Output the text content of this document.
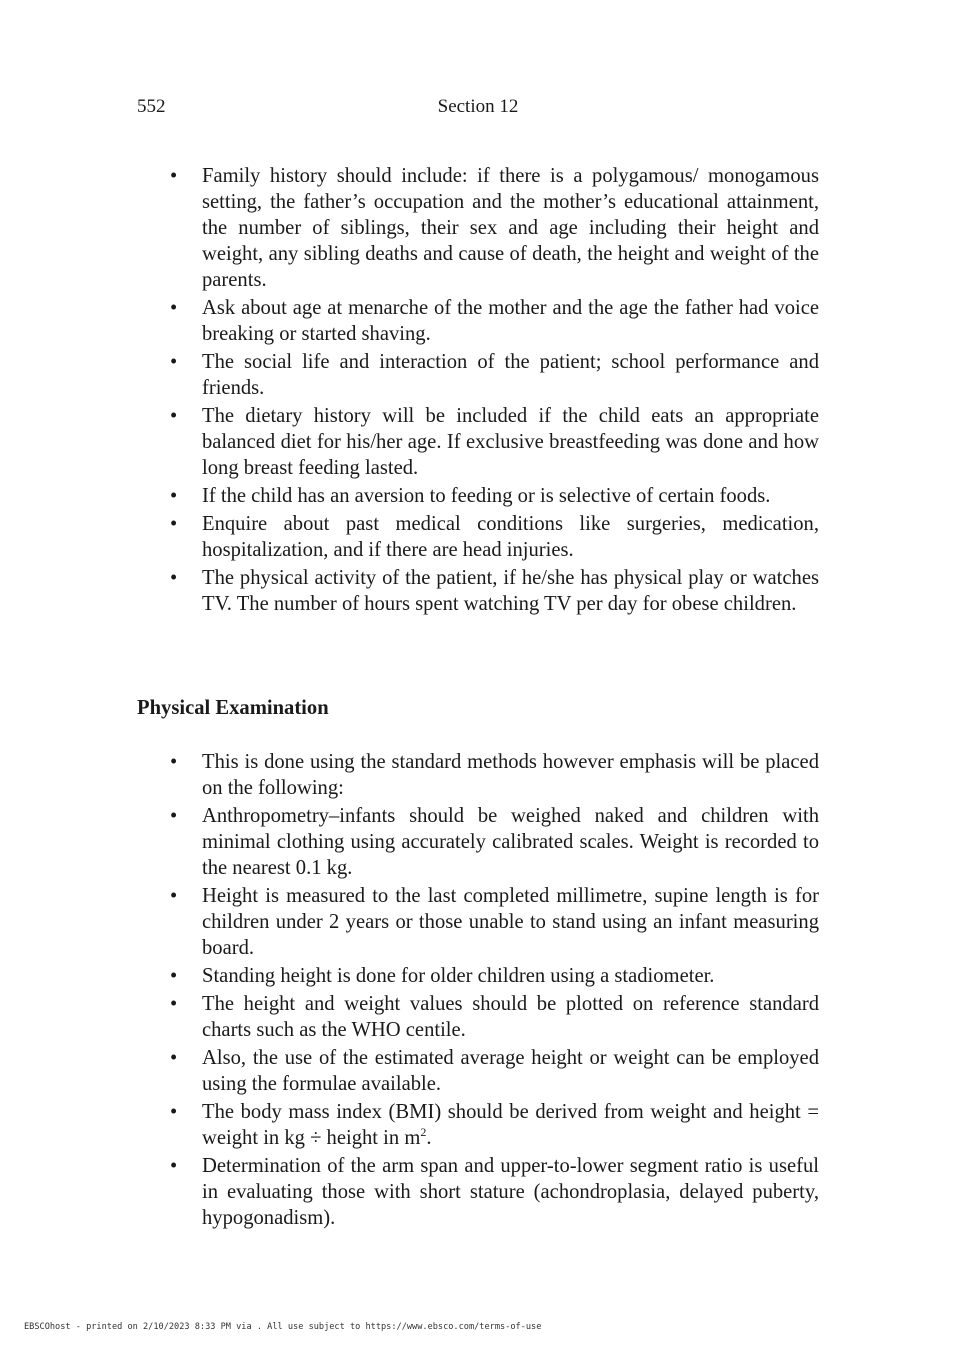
552	Section 12
• Family history should include: if there is a polygamous/ monogamous setting, the father’s occupation and the mother’s educational attainment, the number of siblings, their sex and age including their height and weight, any sibling deaths and cause of death, the height and weight of the parents.
• Ask about age at menarche of the mother and the age the father had voice breaking or started shaving.
• The social life and interaction of the patient; school performance and friends.
• The dietary history will be included if the child eats an appropriate balanced diet for his/her age. If exclusive breastfeeding was done and how long breast feeding lasted.
• If the child has an aversion to feeding or is selective of certain foods.
• Enquire about past medical conditions like surgeries, medication, hospitalization, and if there are head injuries.
• The physical activity of the patient, if he/she has physical play or watches TV. The number of hours spent watching TV per day for obese children.
Physical Examination
• This is done using the standard methods however emphasis will be placed on the following:
• Anthropometry–infants should be weighed naked and children with minimal clothing using accurately calibrated scales. Weight is recorded to the nearest 0.1 kg.
• Height is measured to the last completed millimetre, supine length is for children under 2 years or those unable to stand using an infant measuring board.
• Standing height is done for older children using a stadiometer.
• The height and weight values should be plotted on reference standard charts such as the WHO centile.
• Also, the use of the estimated average height or weight can be employed using the formulae available.
• The body mass index (BMI) should be derived from weight and height = weight in kg ÷ height in $m^2$.
• Determination of the arm span and upper-to-lower segment ratio is useful in evaluating those with short stature (achondroplasia, delayed puberty, hypogonadism).
EBSCOhost - printed on 2/10/2023 8:33 PM via . All use subject to https://www.ebsco.com/terms-of-use
